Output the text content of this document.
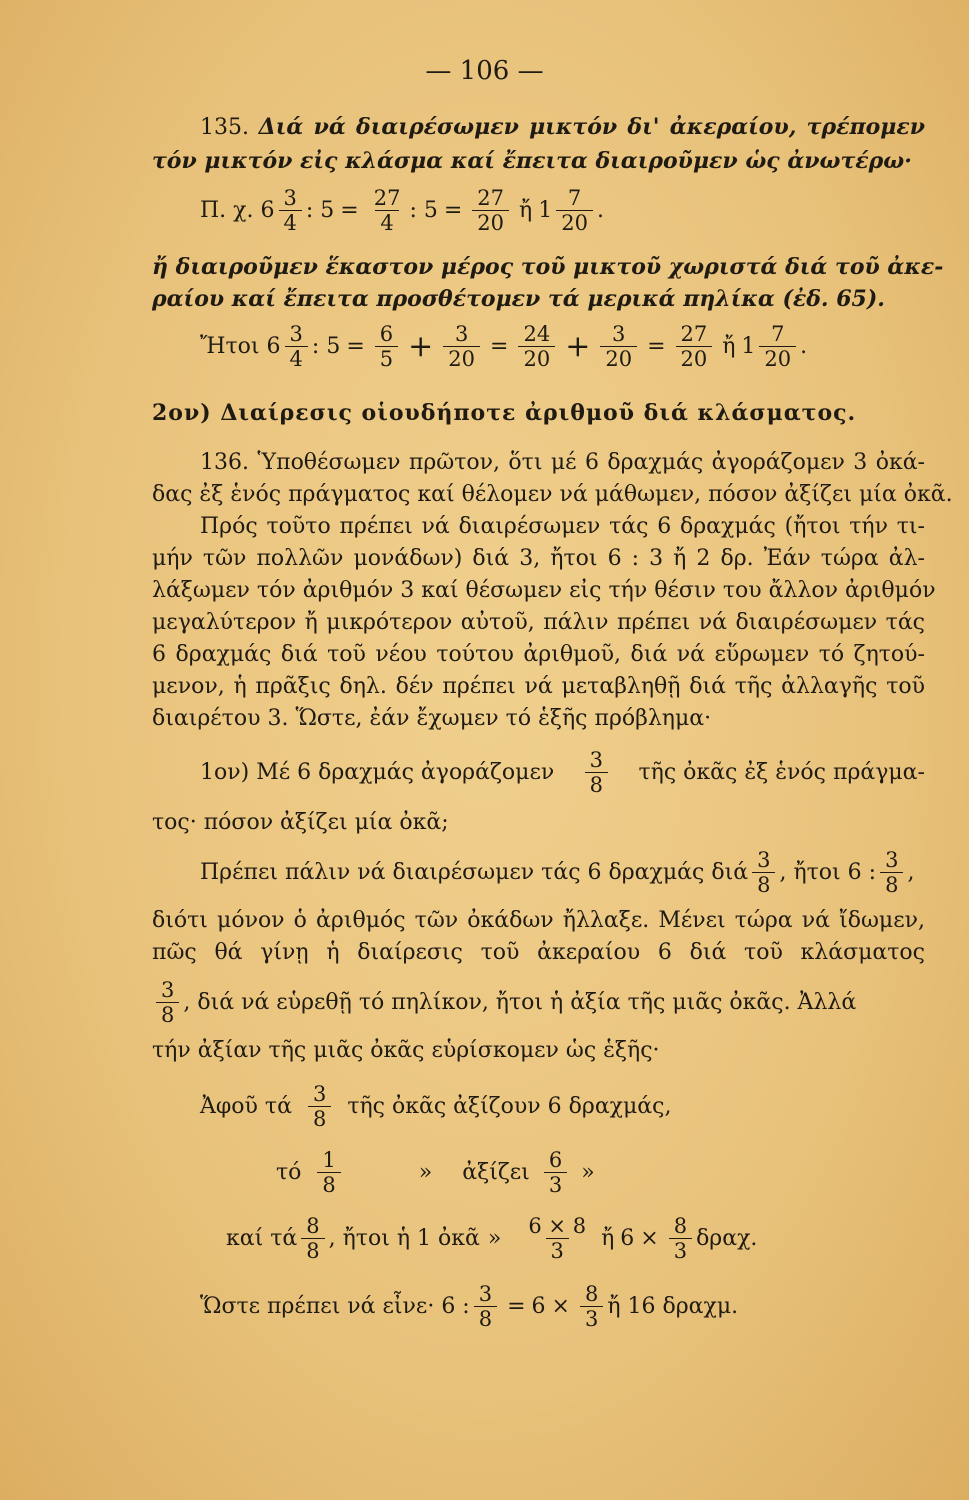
— 106 —
135. Διά νά διαιρέσωμεν μικτόν δι' ἀκεραίου, τρέπομεν
τόν μικτόν εἰς κλάσμα καί ἔπειτα διαιροῦμεν ὡς ἀνωτέρω·
Π. χ. $6 \frac{3}{4}$ : $5 = \frac{27}{4}$ : $5 = \frac{27}{20}$ ἤ $1 \frac{7}{20}$ .
ἤ διαιροῦμεν ἕκαστον μέρος τοῦ μικτοῦ χωριστά διά τοῦ ἀκε-
ραίου καί ἔπειτα προσθέτομεν τά μερικά πηλίκα (ἐδ. 65).
Ἤτοι $6 \frac{3}{4}$ : $5 = \frac{6}{5} + \frac{3}{20} = \frac{24}{20} + \frac{3}{20} = \frac{27}{20}$ ἤ $1 \frac{7}{20}$ .
2ον) Διαίρεσις οἱουδήποτε ἀριθμοῦ διά κλάσματος.
136. Ὑποθέσωμεν πρῶτον, ὅτι μέ 6 δραχμάς ἀγοράζομεν 3 ὀκά-
δας ἐξ ἑνός πράγματος καί θέλομεν νά μάθωμεν, πόσον ἀξίζει μία ὀκᾶ.
Πρός τοῦτο πρέπει νά διαιρέσωμεν τάς 6 δραχμάς (ἤτοι τήν τι-
μήν τῶν πολλῶν μονάδων) διά 3, ἤτοι 6 : 3 ἤ 2 δρ. Ἐάν τώρα ἀλ-
λάξωμεν τόν ἀριθμόν 3 καί θέσωμεν εἰς τήν θέσιν του ἄλλον ἀριθμόν
μεγαλύτερον ἤ μικρότερον αὐτοῦ, πάλιν πρέπει νά διαιρέσωμεν τάς
6 δραχμάς διά τοῦ νέου τούτου ἀριθμοῦ, διά νά εὕρωμεν τό ζητού-
μενον, ἡ πρᾶξις δηλ. δέν πρέπει νά μεταβληθῇ διά τῆς ἀλλαγῆς τοῦ
διαιρέτου 3. Ὥστε, ἐάν ἔχωμεν τό ἑξῆς πρόβλημα·
1ον) Μέ 6 δραχμάς ἀγοράζομεν $\frac{3}{8}$ τῆς ὀκᾶς ἐξ ἑνός πράγμα-
τος· πόσον ἀξίζει μία ὀκᾶ;
Πρέπει πάλιν νά διαιρέσωμεν τάς 6 δραχμάς διά $\frac{3}{8}$ , ἤτοι 6 : $\frac{3}{8}$ ,
διότι μόνον ὁ ἀριθμός τῶν ὀκάδων ἤλλαξε. Μένει τώρα νά ἴδωμεν,
πῶς θά γίνῃ ἡ διαίρεσις τοῦ ἀκεραίου 6 διά τοῦ κλάσματος
$\frac{3}{8}$ , διά νά εὑρεθῇ τό πηλίκον, ἤτοι ἡ ἀξία τῆς μιᾶς ὀκᾶς. Ἀλλά
τήν ἀξίαν τῆς μιᾶς ὀκᾶς εὑρίσκομεν ὡς ἑξῆς·
Ἀφοῦ τά $\frac{3}{8}$ τῆς ὀκᾶς ἀξίζουν 6 δραχμάς,
τό $\frac{1}{8}$	» ἀξίζει $\frac{6}{3}$ »
καί τά $\frac{8}{8}$ , ἤτοι ἡ 1 ὀκᾶ » $\frac{6 \times 8}{3}$ ἤ $6 \times \frac{8}{3} \delta\rho\alpha\chi$.
Ὥστε πρέπει νά εἶνε· 6 : $\frac{3}{8} = 6 \times \frac{8}{3}$ ἤ 16 δραχμ.
